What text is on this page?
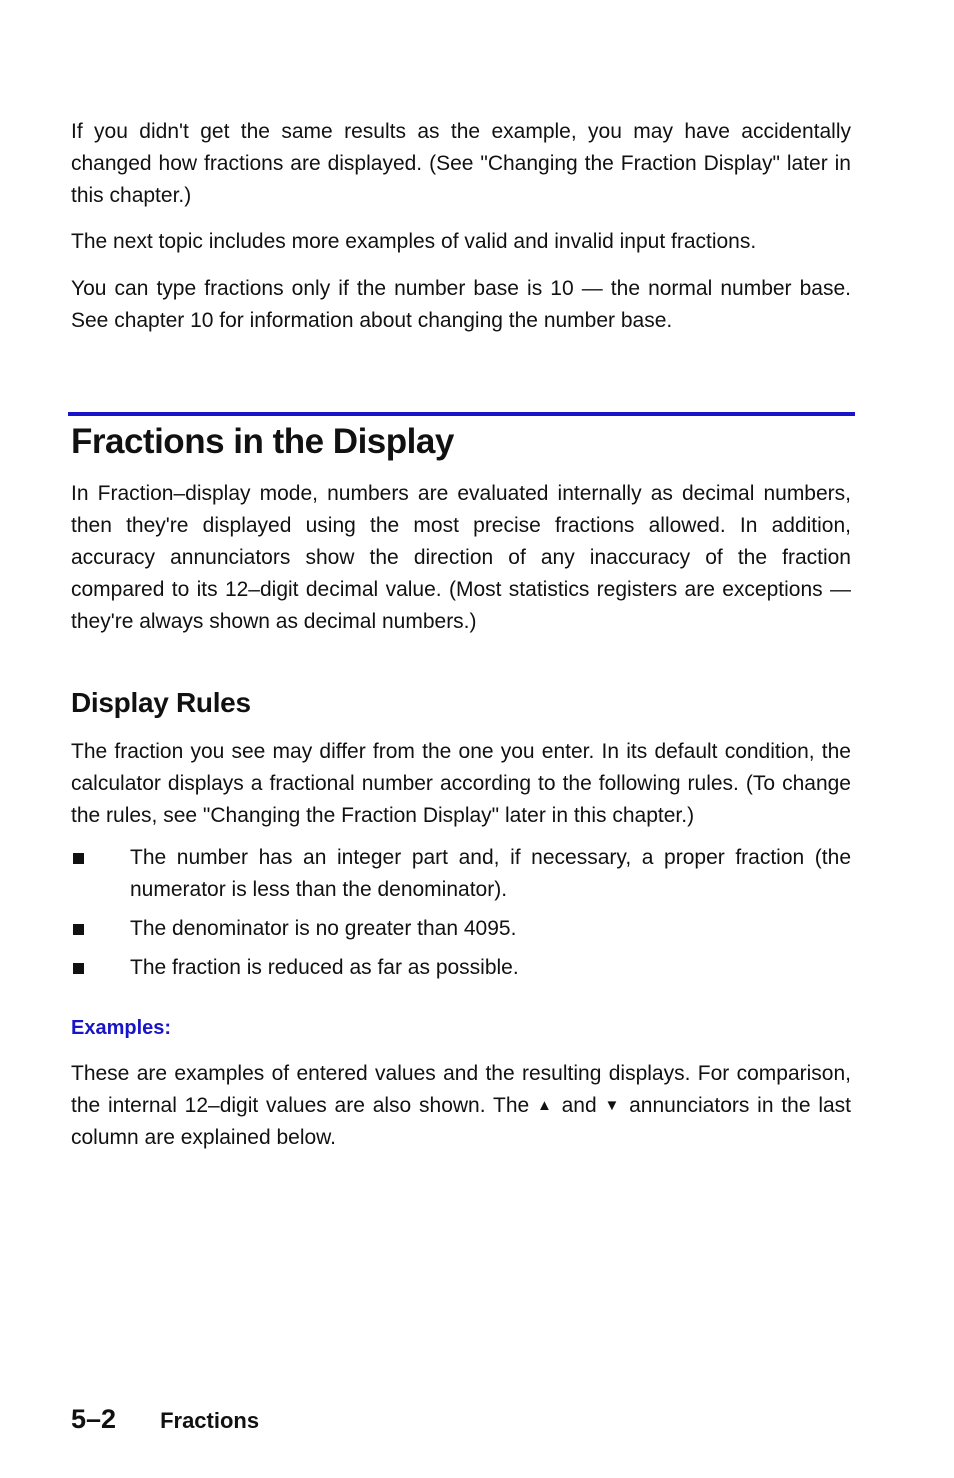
If you didn't get the same results as the example, you may have accidentally changed how fractions are displayed. (See "Changing the Fraction Display" later in this chapter.)

The next topic includes more examples of valid and invalid input fractions.

You can type fractions only if the number base is 10 — the normal number base. See chapter 10 for information about changing the number base.

Fractions in the Display

In Fraction–display mode, numbers are evaluated internally as decimal numbers, then they're displayed using the most precise fractions allowed. In addition, accuracy annunciators show the direction of any inaccuracy of the fraction compared to its 12–digit decimal value. (Most statistics registers are exceptions — they're always shown as decimal numbers.)

Display Rules

The fraction you see may differ from the one you enter. In its default condition, the calculator displays a fractional number according to the following rules. (To change the rules, see "Changing the Fraction Display" later in this chapter.)

The number has an integer part and, if necessary, a proper fraction (the numerator is less than the denominator).
The denominator is no greater than 4095.
The fraction is reduced as far as possible.
Examples:

These are examples of entered values and the resulting displays. For comparison, the internal 12–digit values are also shown. The ▲ and ▼ annunciators in the last column are explained below.

5–2 Fractions
